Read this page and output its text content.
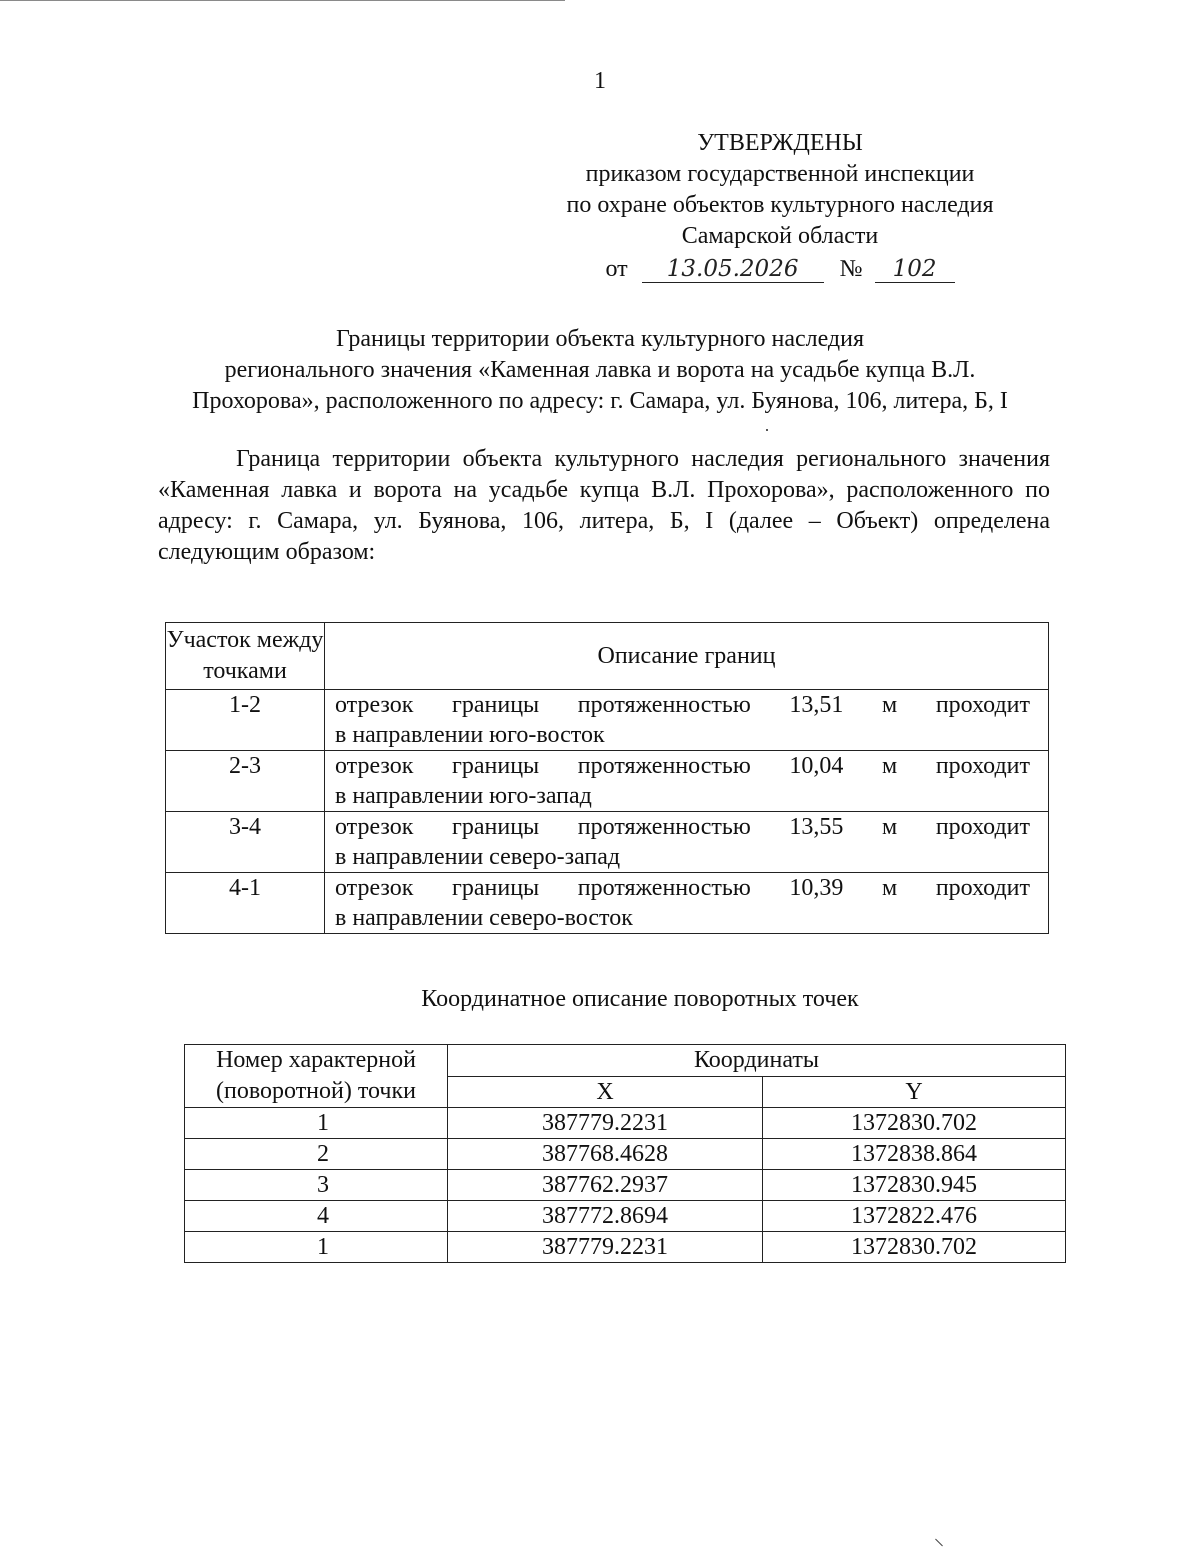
1
УТВЕРЖДЕНЫ
приказом государственной инспекции
по охране объектов культурного наследия
Самарской области
от 13.05.2026 № 102
Границы территории объекта культурного наследия
регионального значения «Каменная лавка и ворота на усадьбе купца В.Л.
Прохорова», расположенного по адресу: г. Самара, ул. Буянова, 106, литера, Б, I
Граница территории объекта культурного наследия регионального значения «Каменная лавка и ворота на усадьбе купца В.Л. Прохорова», расположенного по адресу: г. Самара, ул. Буянова, 106, литера, Б, I (далее – Объект) определена следующим образом:
Участок между точками	Описание границ
1-2	отрезок границы протяженностью 13,51 м проходит
в направлении юго-восток

2-3	отрезок границы протяженностью 10,04 м проходит
в направлении юго-запад

3-4	отрезок границы протяженностью 13,55 м проходит
в направлении северо-запад

4-1	отрезок границы протяженностью 10,39 м проходит
в направлении северо-восток
Координатное описание поворотных точек
Номер характерной (поворотной) точки	Координаты	
	X	Y
1	387779.2231	1372830.702
2	387768.4628	1372838.864
3	387762.2937	1372830.945
4	387772.8694	1372822.476
1	387779.2231	1372830.702
